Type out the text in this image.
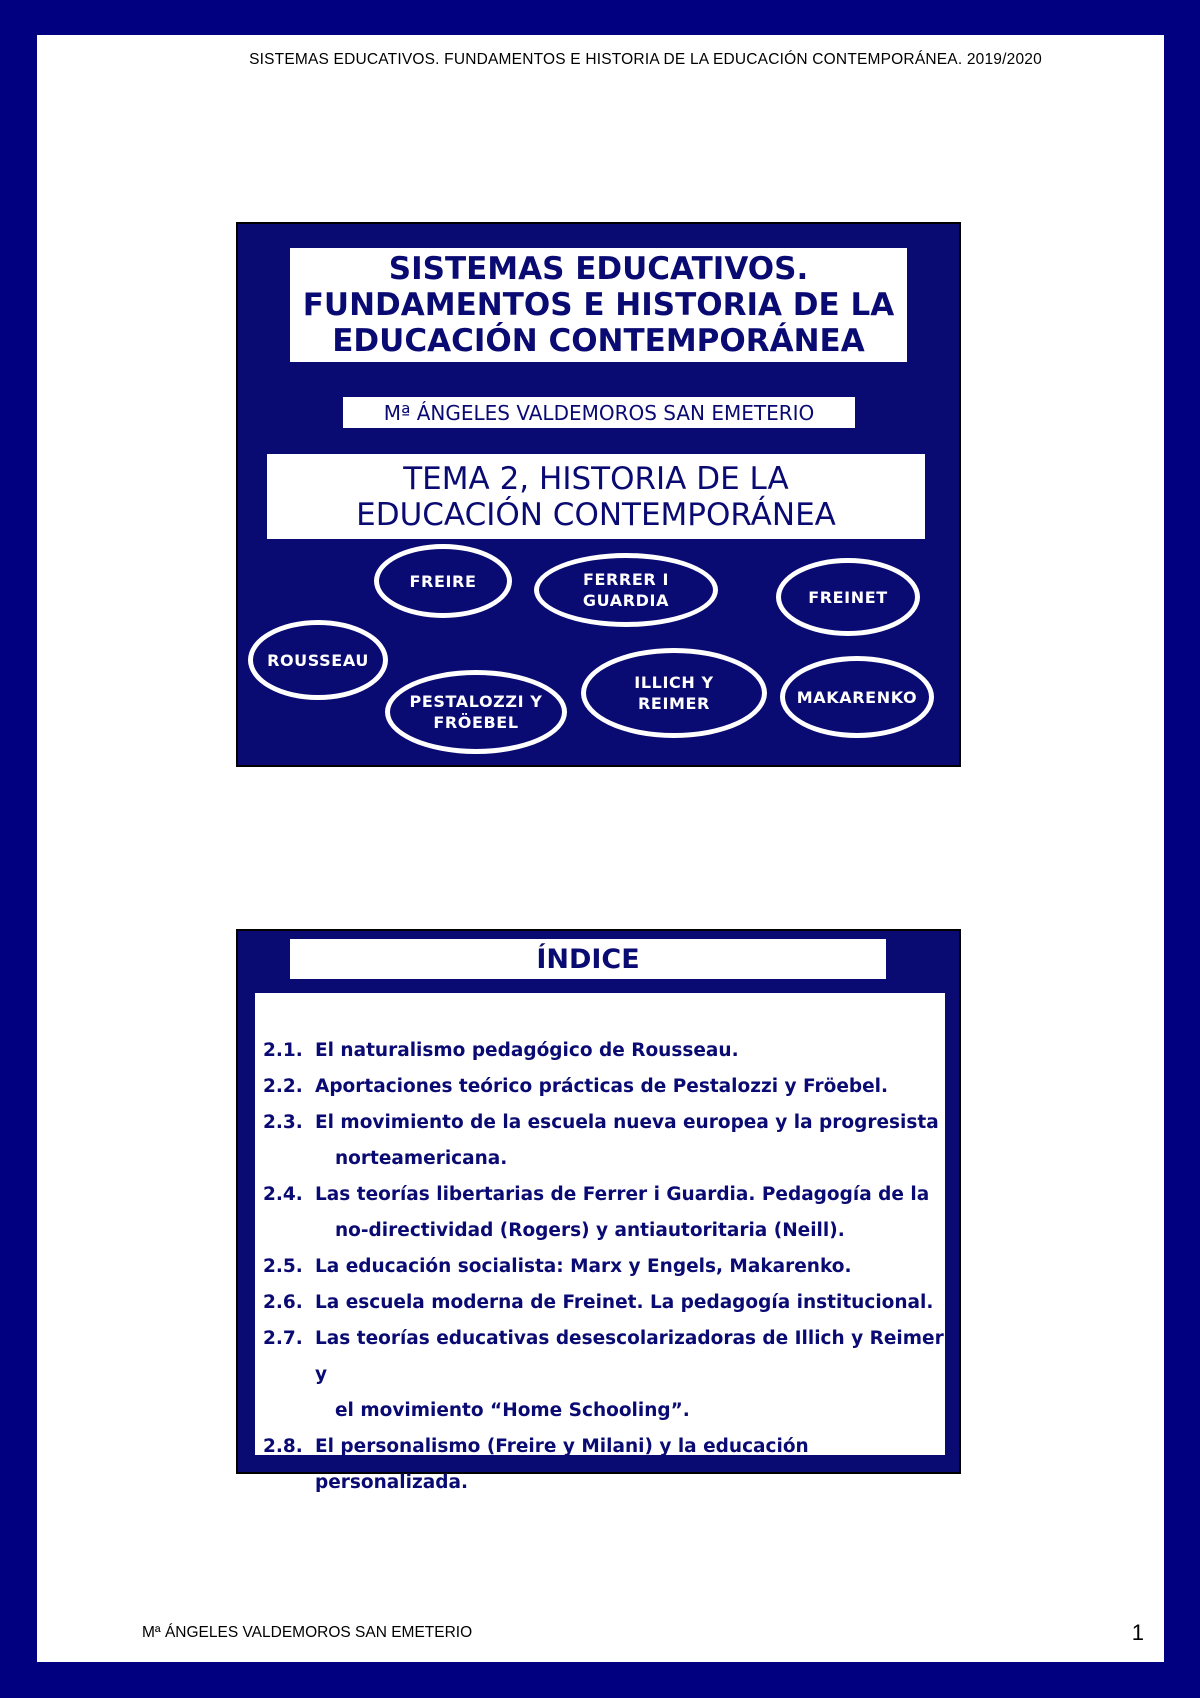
SISTEMAS EDUCATIVOS. FUNDAMENTOS E HISTORIA DE LA EDUCACIÓN CONTEMPORÁNEA. 2019/2020
SISTEMAS EDUCATIVOS.
FUNDAMENTOS E HISTORIA DE LA
EDUCACIÓN CONTEMPORÁNEA
Mª ÁNGELES VALDEMOROS SAN EMETERIO
TEMA 2, HISTORIA DE LA
EDUCACIÓN CONTEMPORÁNEA
FREIRE	FERRER I
GUARDIA	FREINET
ROUSSEAU
PESTALOZZI Y
FRÖEBEL
ILLICH Y
REIMER	MAKARENKO
ÍNDICE
2.1. El naturalismo pedagógico de Rousseau.
2.2. Aportaciones teórico prácticas de Pestalozzi y Fröebel.
2.3. El movimiento de la escuela nueva europea y la progresista
norteamericana.
2.4. Las teorías libertarias de Ferrer i Guardia. Pedagogía de la
no-directividad (Rogers) y antiautoritaria (Neill).
2.5. La educación socialista: Marx y Engels, Makarenko.
2.6. La escuela moderna de Freinet. La pedagogía institucional.
2.7. Las teorías educativas desescolarizadoras de Illich y Reimer y
el movimiento “Home Schooling”.
2.8. El personalismo (Freire y Milani) y la educación personalizada.
Mª ÁNGELES VALDEMOROS SAN EMETERIO	1
